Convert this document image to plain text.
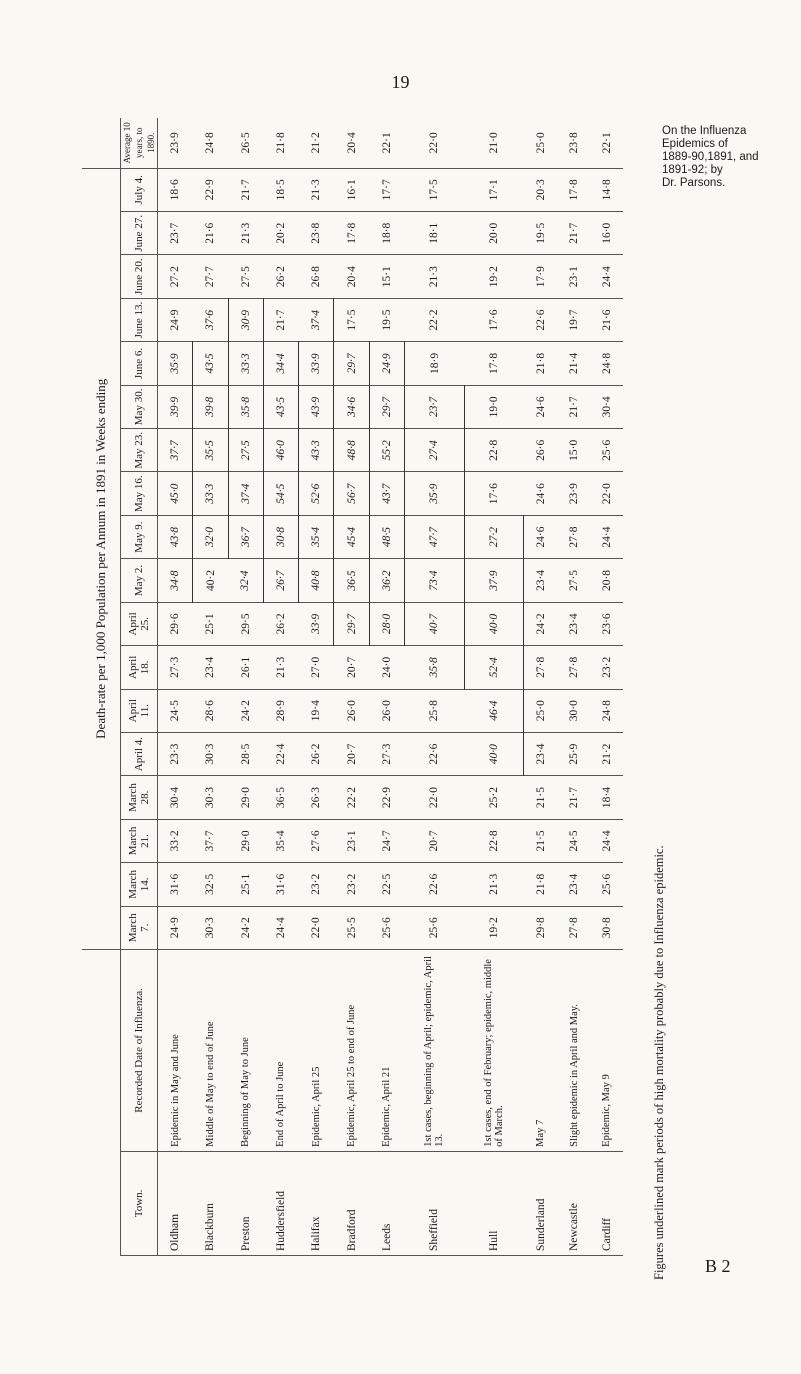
19
		Death-rate per 1,000 Population per Annum in 1891 in Weeks ending																		
Town.	Recorded Date of Influenza.	March 7.	March 14.	March 21.	March 28.	April 4.	April 11.	April 18.	April 25.	May 2.	May 9.	May 16.	May 23.	May 30.	June 6.	June 13.	June 20.	June 27.	July 4.	Average 10 years, to 1890.
Oldham	Epidemic in May and June	24·9	31·6	33·2	30·4	23·3	24·5	27·3	29·6	34·8	43·8	45·0	37·7	39·9	35·9	24·9	27·2	23·7	18·6	23·9
Blackburn	Middle of May to end of June	30·3	32·5	37·7	30·3	30·3	28·6	23·4	25·1	40·2	32·0	33·3	35·5	39·8	43·5	37·6	27·7	21·6	22·9	24·8
Preston	Beginning of May to June	24·2	25·1	29·0	29·0	28·5	24·2	26·1	29·5	32·4	36·7	37·4	27·5	35·8	33·3	30·9	27·5	21·3	21·7	26·5
Huddersfield	End of April to June	24·4	31·6	35·4	36·5	22·4	28·9	21·3	26·2	26·7	30·8	54·5	46·0	43·5	34·4	21·7	26·2	20·2	18·5	21·8
Halifax	Epidemic, April 25	22·0	23·2	27·6	26·3	26·2	19·4	27·0	33·9	40·8	35·4	52·6	43·3	43·9	33·9	37·4	26·8	23·8	21·3	21·2
Bradford	Epidemic, April 25 to end of June	25·5	23·2	23·1	22·2	20·7	26·0	20·7	29·7	36·5	45·4	56·7	48·8	34·6	29·7	17·5	20·4	17·8	16·1	20·4
Leeds	Epidemic, April 21	25·6	22·5	24·7	22·9	27·3	26·0	24·0	28·0	36·2	48·5	43·7	55·2	29·7	24·9	19·5	15·1	18·8	17·7	22·1
Sheffield	1st cases, beginning of April; epidemic, April 13.	25·6	22·6	20·7	22·0	22·6	25·8	35·8	40·7	73·4	47·7	35·9	27·4	23·7	18·9	22·2	21·3	18·1	17·5	22·0
Hull	1st cases, end of February; epidemic, middle of March.	19·2	21·3	22·8	25·2	40·0	46·4	52·4	40·0	37·9	27·2	17·6	22·8	19·0	17·8	17·6	19·2	20·0	17·1	21·0
Sunderland	May 7	29·8	21·8	21·5	21·5	23·4	25·0	27·8	24·2	23·4	24·6	24·6	26·6	24·6	21·8	22·6	17·9	19·5	20·3	25·0
Newcastle	Slight epidemic in April and May.	27·8	23·4	24·5	21·7	25·9	30·0	27·8	23·4	27·5	27·8	23·9	15·0	21·7	21·4	19·7	23·1	21·7	17·8	23·8
Cardiff	Epidemic, May 9	30·8	25·6	24·4	18·4	21·2	24·8	23·2	23·6	20·8	24·4	22·0	25·6	30·4	24·8	21·6	24·4	16·0	14·8	22·1
On the Influenza
Epidemics of
1889-90,1891, and
1891-92; by
Dr. Parsons.
Figures underlined mark periods of high mortality probably due to Influenza epidemic. B 2
